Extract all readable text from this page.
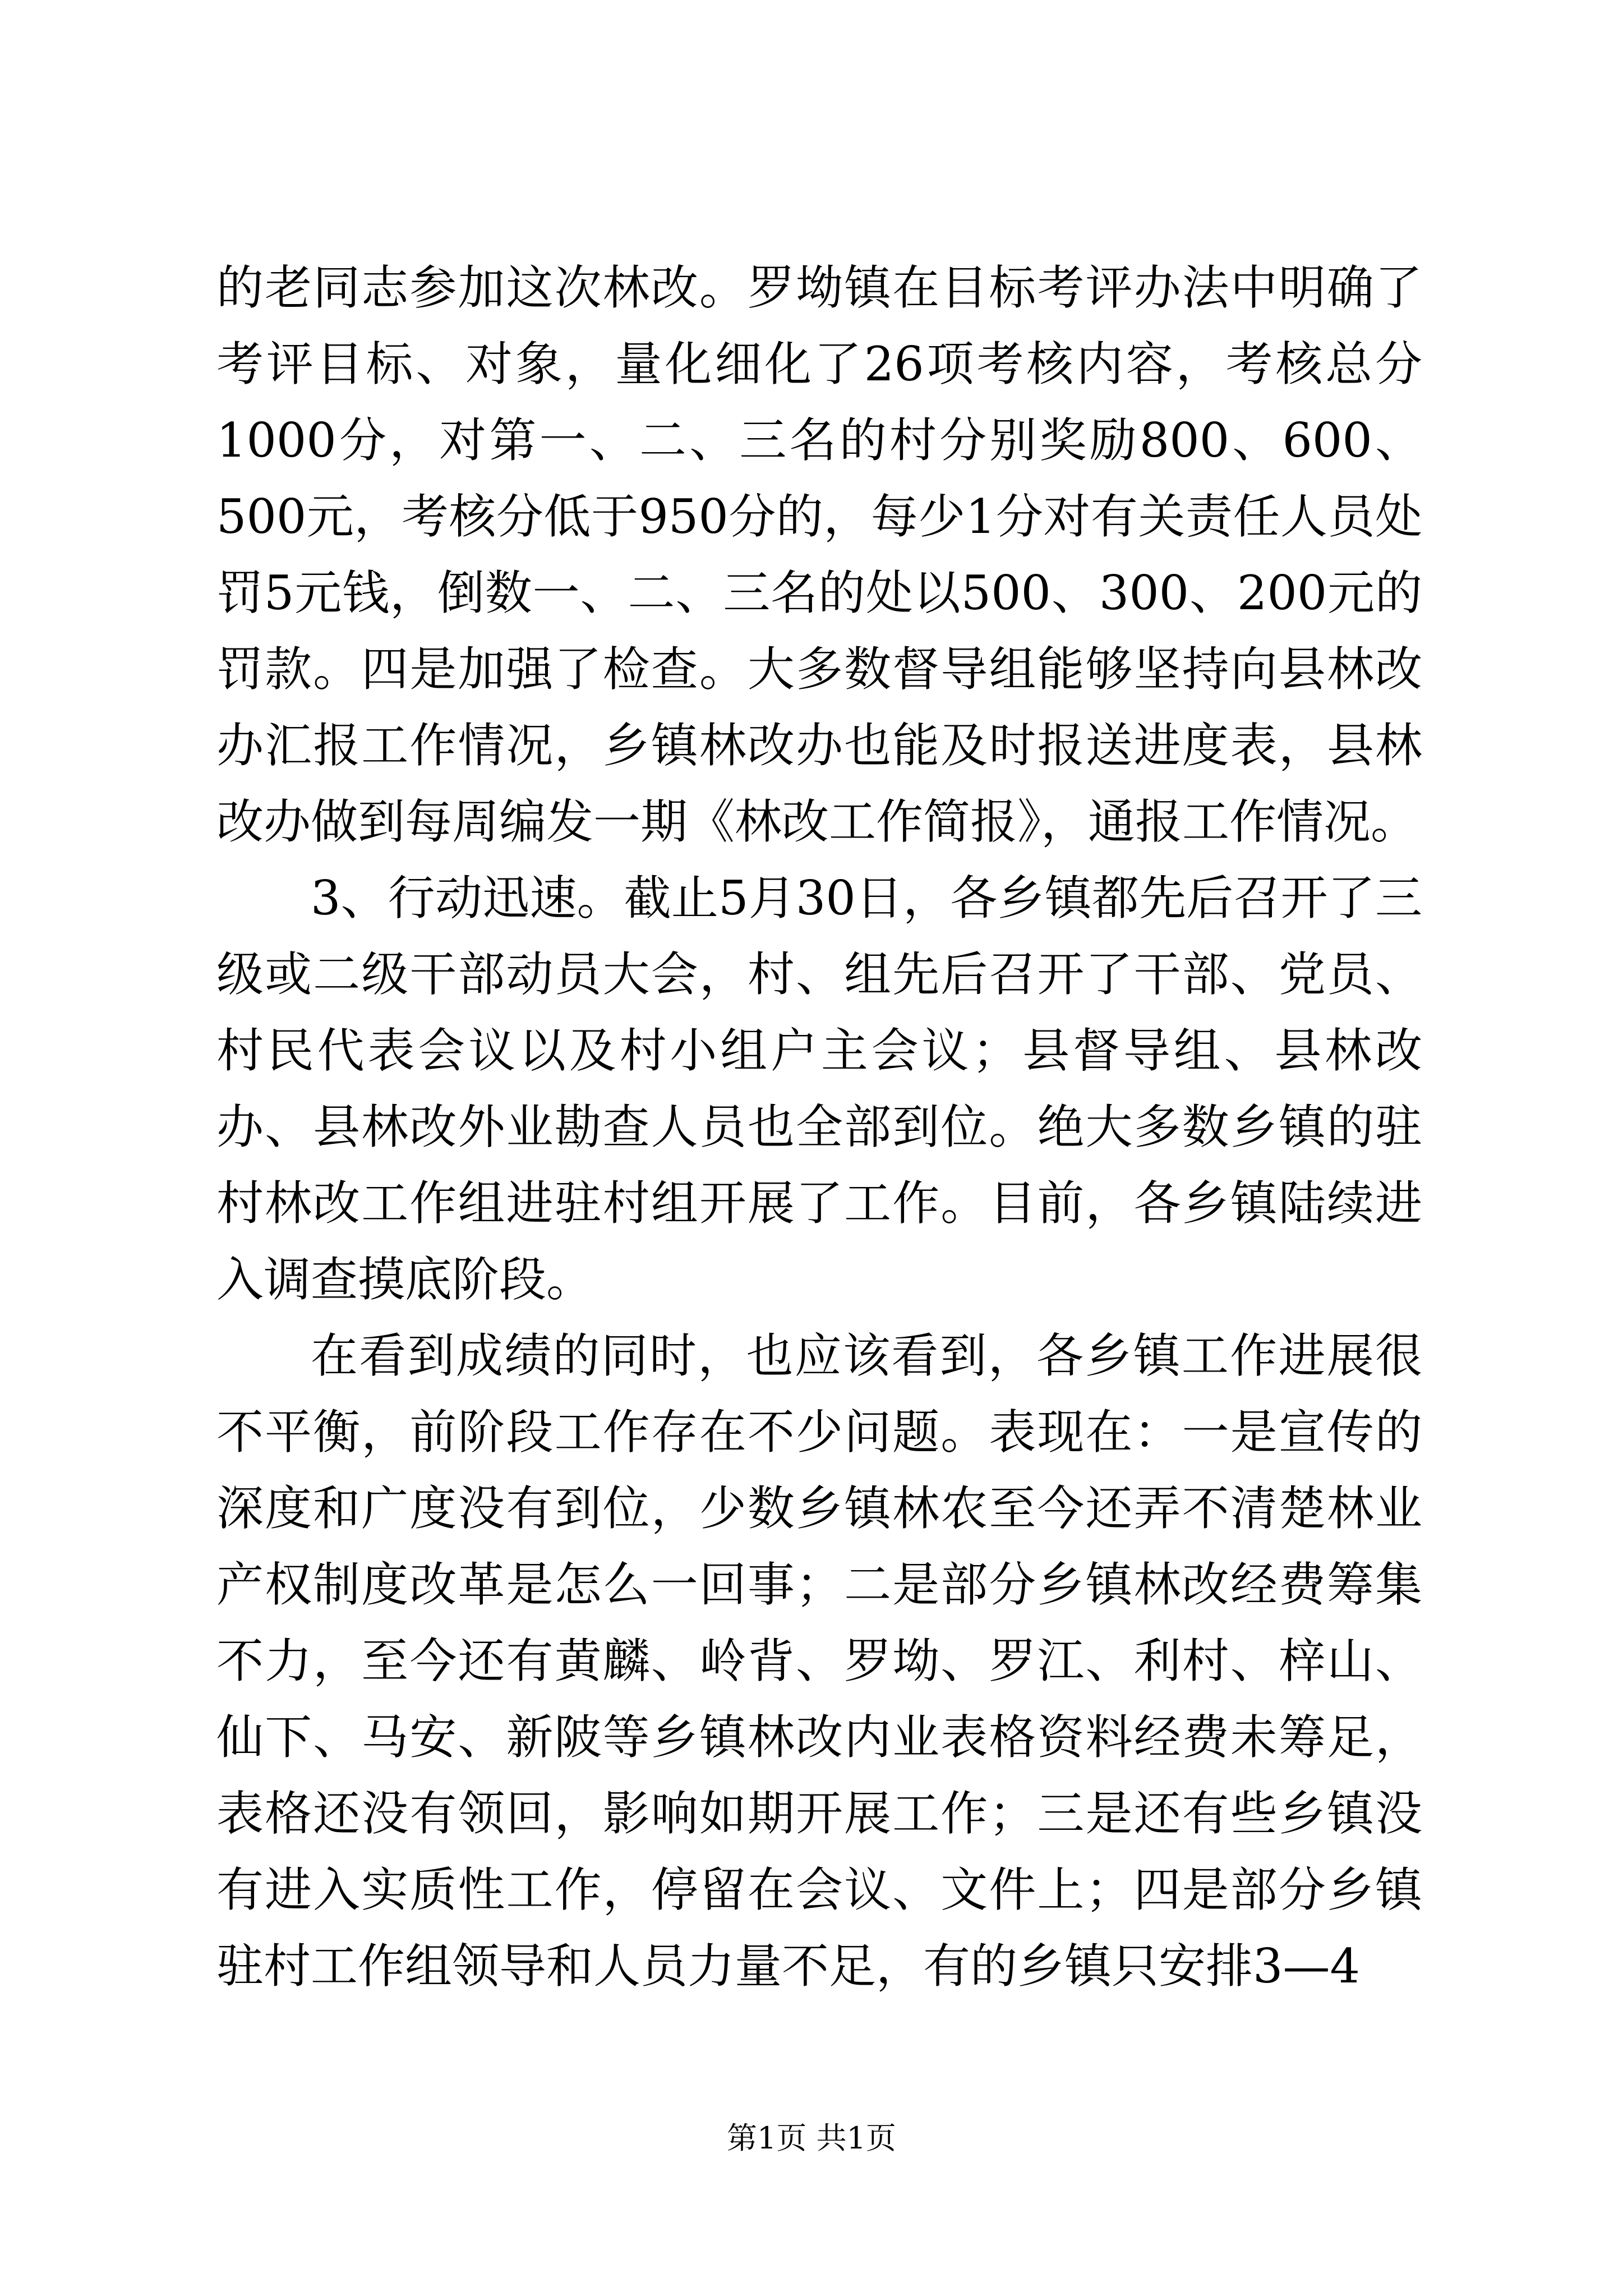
的老同志参加这次林改。罗坳镇在目标考评办法中明确了考评目标、对象，量化细化了26项考核内容，考核总分1000分，对第一、二、三名的村分别奖励800、600、500元，考核分低于950分的，每少1分对有关责任人员处罚5元钱，倒数一、二、三名的处以500、300、200元的罚款。四是加强了检查。大多数督导组能够坚持向县林改办汇报工作情况，乡镇林改办也能及时报送进度表，县林改办做到每周编发一期《林改工作简报》，通报工作情况。

3、行动迅速。截止5月30日，各乡镇都先后召开了三级或二级干部动员大会，村、组先后召开了干部、党员、村民代表会议以及村小组户主会议；县督导组、县林改办、县林改外业勘查人员也全部到位。绝大多数乡镇的驻村林改工作组进驻村组开展了工作。目前，各乡镇陆续进入调查摸底阶段。

在看到成绩的同时，也应该看到，各乡镇工作进展很不平衡，前阶段工作存在不少问题。表现在：一是宣传的深度和广度没有到位，少数乡镇林农至今还弄不清楚林业产权制度改革是怎么一回事；二是部分乡镇林改经费筹集不力，至今还有黄麟、岭背、罗坳、罗江、利村、梓山、仙下、马安、新陂等乡镇林改内业表格资料经费未筹足，表格还没有领回，影响如期开展工作；三是还有些乡镇没有进入实质性工作，停留在会议、文件上；四是部分乡镇驻村工作组领导和人员力量不足，有的乡镇只安排3—4

第1页 共1页
